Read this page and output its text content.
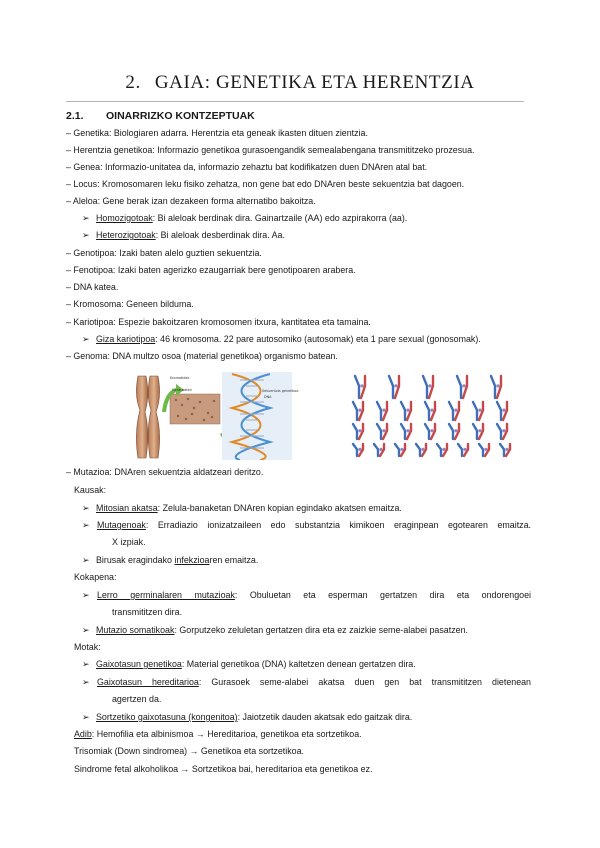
2. GAIA: GENETIKA ETA HERENTZIA
2.1. OINARRIZKO KONTZEPTUAK
– Genetika: Biologiaren adarra. Herentzia eta geneak ikasten dituen zientzia.
– Herentzia genetikoa: Informazio genetikoa gurasoengandik semealabengana transmititzeko prozesua.
– Genea: Informazio-unitatea da, informazio zehaztu bat kodifikatzen duen DNAren atal bat.
– Locus: Kromosomaren leku fisiko zehatza, non gene bat edo DNAren beste sekuentzia bat dagoen.
– Aleloa: Gene berak izan dezakeen forma alternatibo bakoitza.
➢ Homozigotoak: Bi aleloak berdinak dira. Gainartzaile (AA) edo azpirakorra (aa).
➢ Heterozigotoak: Bi aleloak desberdinak dira. Aa.
– Genotipoa: Izaki baten alelo guztien sekuentzia.
– Fenotipoa: Izaki baten agerizko ezaugarriak bere genotipoaren arabera.
– DNA katea.
– Kromosoma: Geneen bilduma.
– Kariotipoa: Espezie bakoitzaren kromosomen itxura, kantitatea eta tamaina.
➢ Giza kariotipoa: 46 kromosoma. 22 pare autosomiko (autosomak) eta 1 pare sexual (gonosomak).
– Genoma: DNA multzo osoa (material genetikoa) organismo batean.
Kromatidak
Gene baten	Sekuentzia genetikoa
DNA
– Mutazioa: DNAren sekuentzia aldatzeari deritzo.
Kausak:
➢ Mitosian akatsa: Zelula-banaketan DNAren kopian egindako akatsen emaitza.
➢ Mutagenoak: Erradiazio ionizatzaileen edo substantzia kimikoen eraginpean egotearen emaitza.
X izpiak.
➢ Birusak eragindako infekzioaren emaitza.
Kokapena:
➢ Lerro germinalaren mutazioak: Obuluetan eta esperman gertatzen dira eta ondorengoei
transmititzen dira.
➢ Mutazio somatikoak: Gorputzeko zeluletan gertatzen dira eta ez zaizkie seme-alabei pasatzen.
Motak:
➢ Gaixotasun genetikoa: Material genetikoa (DNA) kaltetzen denean gertatzen dira.
➢ Gaixotasun hereditarioa: Gurasoek seme-alabei akatsa duen gen bat transmititzen dietenean
agertzen da.
➢ Sortzetiko gaixotasuna (kongenitoa): Jaiotzetik dauden akatsak edo gaitzak dira.
Adib: Hemofilia eta albinismoa → Hereditarioa, genetikoa eta sortzetikoa.
Trisomiak (Down sindromea) → Genetikoa eta sortzetikoa.
Sindrome fetal alkoholikoa → Sortzetikoa bai, hereditarioa eta genetikoa ez.
